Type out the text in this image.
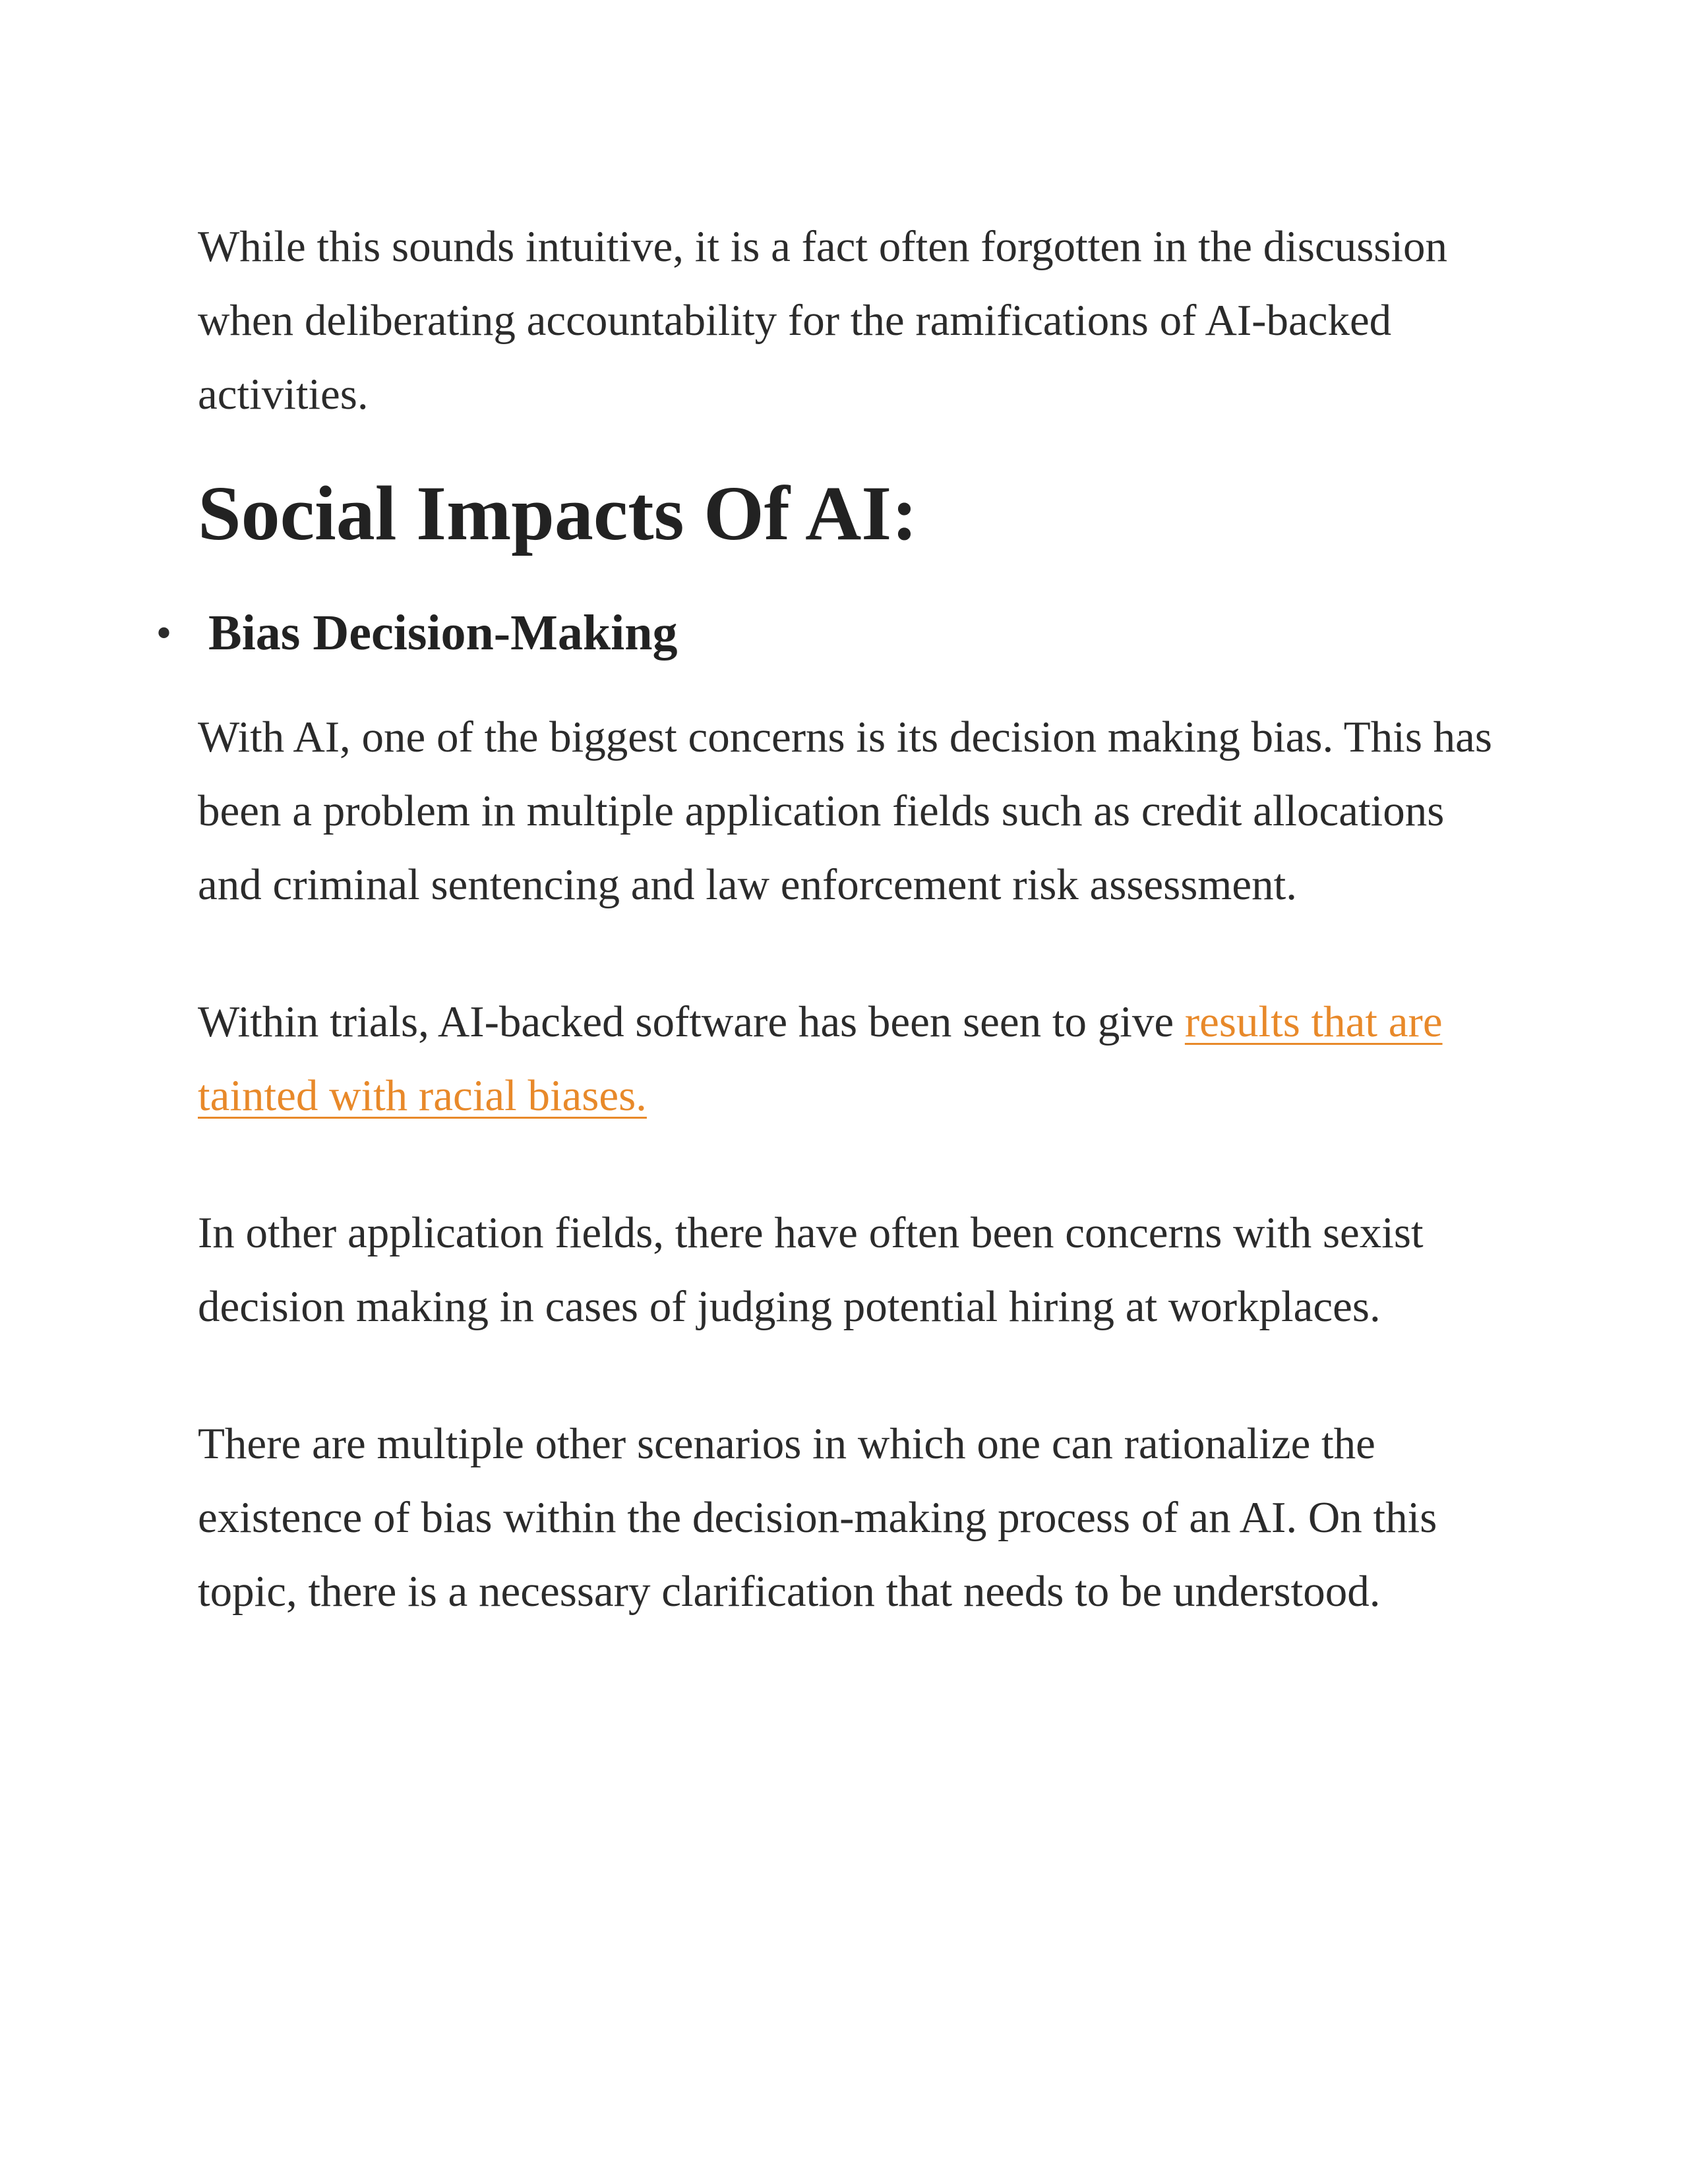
While this sounds intuitive, it is a fact often forgotten in the discussion when deliberating accountability for the ramifications of AI-backed activities.

Social Impacts Of AI:
• Bias Decision-Making

With AI, one of the biggest concerns is its decision making bias. This has been a problem in multiple application fields such as credit allocations and criminal sentencing and law enforcement risk assessment.

Within trials, AI-backed software has been seen to give results that are tainted with racial biases.

In other application fields, there have often been concerns with sexist decision making in cases of judging potential hiring at workplaces.

There are multiple other scenarios in which one can rationalize the existence of bias within the decision-making process of an AI. On this topic, there is a necessary clarification that needs to be understood.
